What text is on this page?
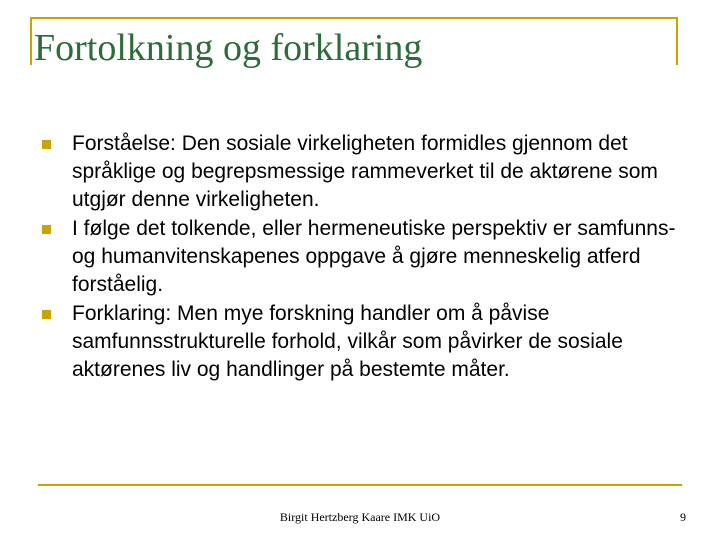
Fortolkning og forklaring
Forståelse: Den sosiale virkeligheten formidles gjennom det språklige og begrepsmessige rammeverket til de aktørene som utgjør denne virkeligheten.
I følge det tolkende, eller hermeneutiske perspektiv er samfunns- og humanvitenskapenes oppgave å gjøre menneskelig atferd forståelig.
Forklaring: Men mye forskning handler om å påvise samfunnsstrukturelle forhold, vilkår som påvirker de sosiale aktørenes liv og handlinger på bestemte måter.
Birgit Hertzberg Kaare IMK UiO	9
